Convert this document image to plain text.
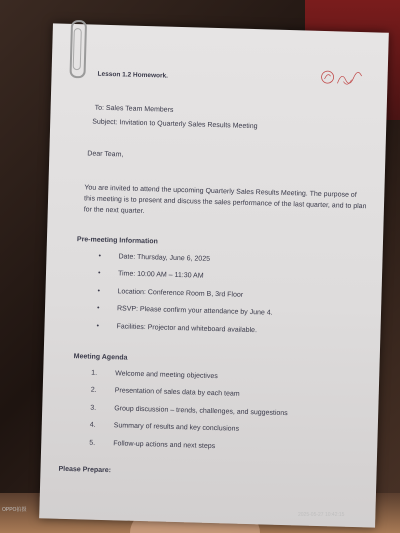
Lesson 1.2 Homework.
To: Sales Team Members
Subject: Invitation to Quarterly Sales Results Meeting
Dear Team,
You are invited to attend the upcoming Quarterly Sales Results Meeting. The purpose of this meeting is to present and discuss the sales performance of the last quarter, and to plan for the next quarter.
Pre-meeting Information
• Date: Thursday, June 6, 2025
• Time: 10:00 AM – 11:30 AM
• Location: Conference Room B, 3rd Floor
• RSVP: Please confirm your attendance by June 4.
• Facilities: Projector and whiteboard available.
Meeting Agenda
1.	Welcome and meeting objectives
2.	Presentation of sales data by each team
3.	Group discussion – trends, challenges, and suggestions
4.	Summary of results and key conclusions
5.	Follow-up actions and next steps
Please Prepare:
OPPO拍摄
2025-05-27 10:42:15
